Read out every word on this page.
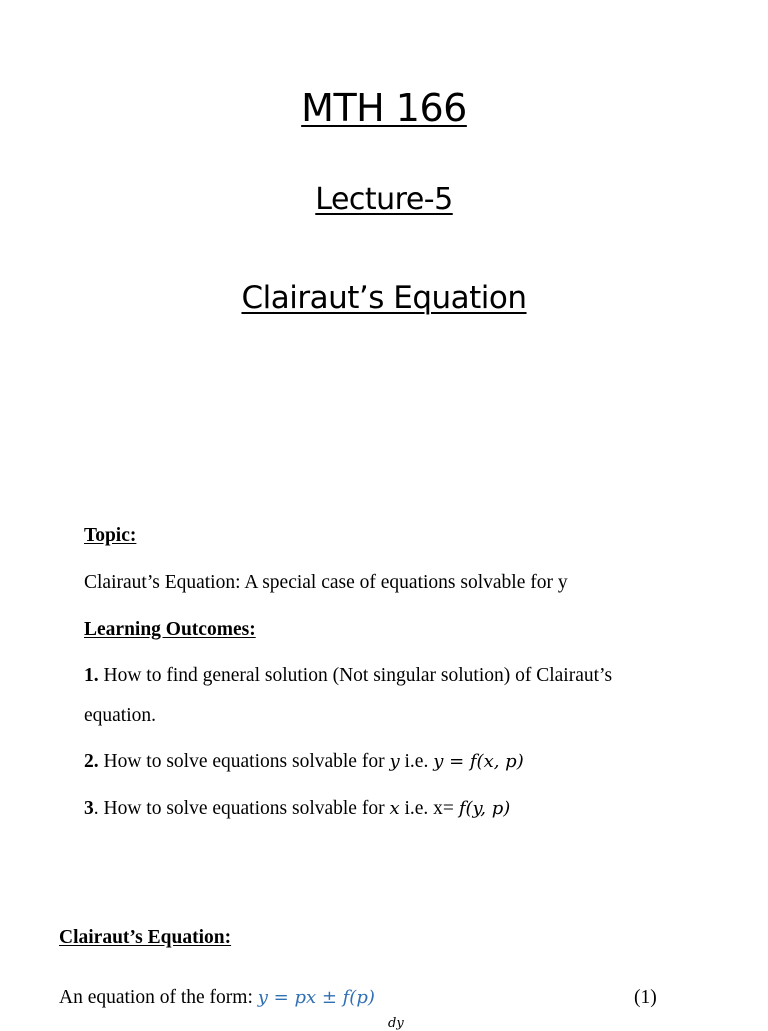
MTH 166
Lecture-5
Clairaut’s Equation
Topic:
Clairaut’s Equation: A special case of equations solvable for y
Learning Outcomes:
1. How to find general solution (Not singular solution) of Clairaut’s
equation.
2. How to solve equations solvable for y i.e. y = f(x, p)
3. How to solve equations solvable for x i.e. x= f(y, p)
Clairaut’s Equation:
An equation of the form: y = px ± f(p)	(1)
dy
